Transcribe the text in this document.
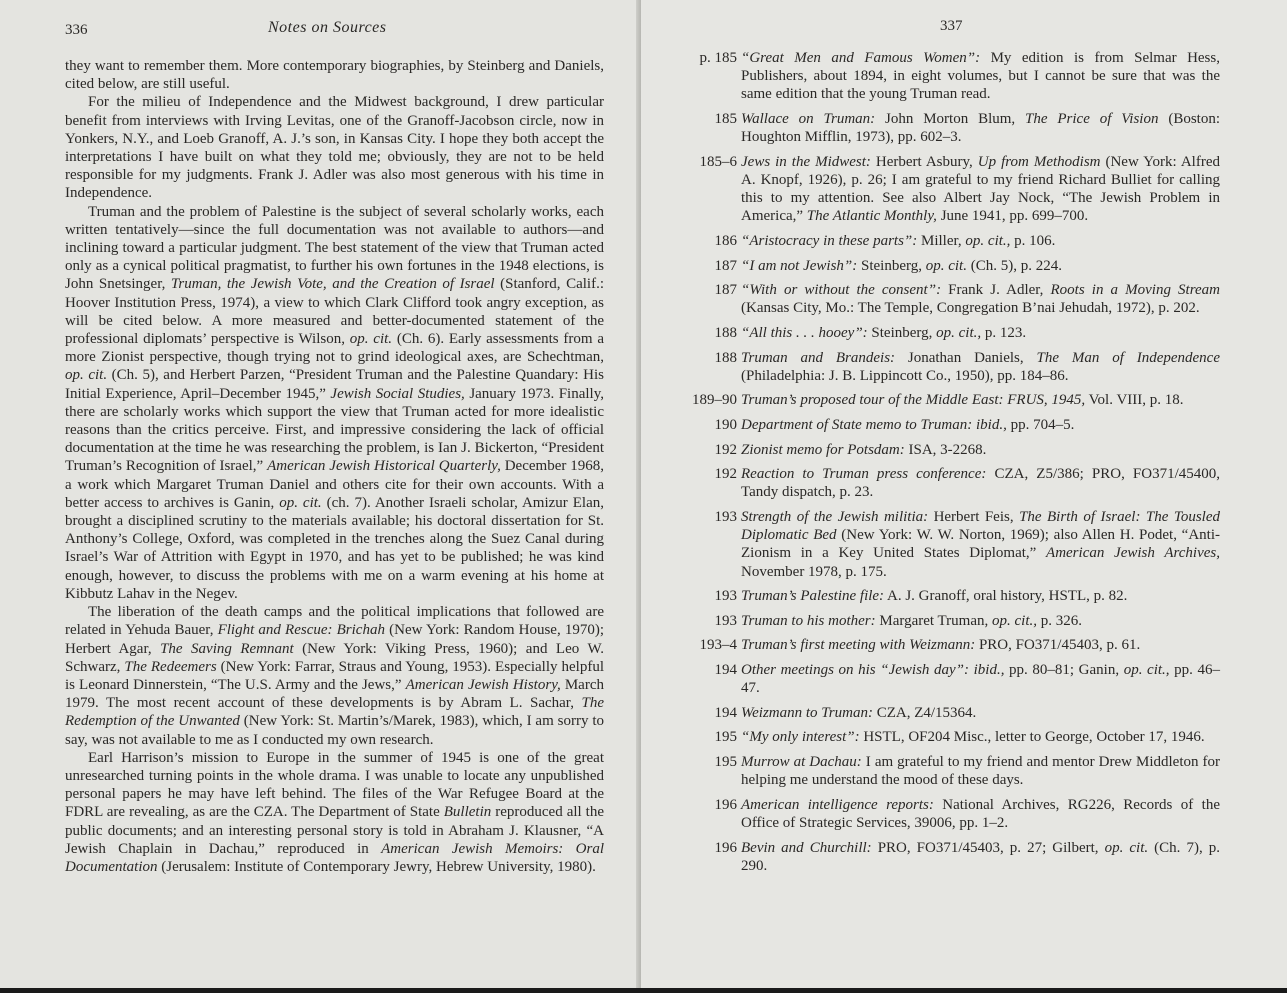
336	Notes on Sources

they want to remember them. More contemporary biographies, by Steinberg and Daniels, cited below, are still useful.

For the milieu of Independence and the Midwest background, I drew particular benefit from interviews with Irving Levitas, one of the Granoff-Jacobson circle, now in Yonkers, N.Y., and Loeb Granoff, A. J.’s son, in Kansas City. I hope they both accept the interpretations I have built on what they told me; obviously, they are not to be held responsible for my judgments. Frank J. Adler was also most generous with his time in Independence.

Truman and the problem of Palestine is the subject of several scholarly works, each written tentatively—since the full documentation was not available to authors—and inclining toward a particular judgment. The best statement of the view that Truman acted only as a cynical political pragmatist, to further his own fortunes in the 1948 elections, is John Snetsinger, Truman, the Jewish Vote, and the Creation of Israel (Stanford, Calif.: Hoover Institution Press, 1974), a view to which Clark Clifford took angry exception, as will be cited below. A more measured and better-documented statement of the professional diplomats’ perspective is Wilson, op. cit. (Ch. 6). Early assessments from a more Zionist perspective, though trying not to grind ideological axes, are Schechtman, op. cit. (Ch. 5), and Herbert Parzen, “President Truman and the Palestine Quandary: His Initial Experience, April–December 1945,” Jewish Social Studies, January 1973. Finally, there are scholarly works which support the view that Truman acted for more idealistic reasons than the critics perceive. First, and impressive considering the lack of official documentation at the time he was researching the problem, is Ian J. Bickerton, “President Truman’s Recognition of Israel,” American Jewish Historical Quarterly, December 1968, a work which Margaret Truman Daniel and others cite for their own accounts. With a better access to archives is Ganin, op. cit. (ch. 7). Another Israeli scholar, Amizur Elan, brought a disciplined scrutiny to the materials available; his doctoral dissertation for St. Anthony’s College, Oxford, was completed in the trenches along the Suez Canal during Israel’s War of Attrition with Egypt in 1970, and has yet to be published; he was kind enough, however, to discuss the problems with me on a warm evening at his home at Kibbutz Lahav in the Negev.

The liberation of the death camps and the political implications that followed are related in Yehuda Bauer, Flight and Rescue: Brichah (New York: Random House, 1970); Herbert Agar, The Saving Remnant (New York: Viking Press, 1960); and Leo W. Schwarz, The Redeemers (New York: Farrar, Straus and Young, 1953). Especially helpful is Leonard Dinnerstein, “The U.S. Army and the Jews,” American Jewish History, March 1979. The most recent account of these developments is by Abram L. Sachar, The Redemption of the Unwanted (New York: St. Martin’s/Marek, 1983), which, I am sorry to say, was not available to me as I conducted my own research.

Earl Harrison’s mission to Europe in the summer of 1945 is one of the great unresearched turning points in the whole drama. I was unable to locate any unpublished personal papers he may have left behind. The files of the War Refugee Board at the FDRL are revealing, as are the CZA. The Department of State Bulletin reproduced all the public documents; and an interesting personal story is told in Abraham J. Klausner, “A Jewish Chaplain in Dachau,” reproduced in American Jewish Memoirs: Oral Documentation (Jerusalem: Institute of Contemporary Jewry, Hebrew University, 1980).

337
p. 185 “Great Men and Famous Women”: My edition is from Selmar Hess, Publishers, about 1894, in eight volumes, but I cannot be sure that was the same edition that the young Truman read.
185 Wallace on Truman: John Morton Blum, The Price of Vision (Boston: Houghton Mifflin, 1973), pp. 602–3.
185–6 Jews in the Midwest: Herbert Asbury, Up from Methodism (New York: Alfred A. Knopf, 1926), p. 26; I am grateful to my friend Richard Bulliet for calling this to my attention. See also Albert Jay Nock, “The Jewish Problem in America,” The Atlantic Monthly, June 1941, pp. 699–700.
186 “Aristocracy in these parts”: Miller, op. cit., p. 106.
187 “I am not Jewish”: Steinberg, op. cit. (Ch. 5), p. 224.
187 “With or without the consent”: Frank J. Adler, Roots in a Moving Stream (Kansas City, Mo.: The Temple, Congregation B’nai Jehudah, 1972), p. 202.
188 “All this . . . hooey”: Steinberg, op. cit., p. 123.
188 Truman and Brandeis: Jonathan Daniels, The Man of Independence (Philadelphia: J. B. Lippincott Co., 1950), pp. 184–86.
189–90 Truman’s proposed tour of the Middle East: FRUS, 1945, Vol. VIII, p. 18.
190 Department of State memo to Truman: ibid., pp. 704–5.
192 Zionist memo for Potsdam: ISA, 3-2268.
192 Reaction to Truman press conference: CZA, Z5/386; PRO, FO371/45400, Tandy dispatch, p. 23.
193 Strength of the Jewish militia: Herbert Feis, The Birth of Israel: The Tousled Diplomatic Bed (New York: W. W. Norton, 1969); also Allen H. Podet, “Anti-Zionism in a Key United States Diplomat,” American Jewish Archives, November 1978, p. 175.
193 Truman’s Palestine file: A. J. Granoff, oral history, HSTL, p. 82.
193 Truman to his mother: Margaret Truman, op. cit., p. 326.
193–4 Truman’s first meeting with Weizmann: PRO, FO371/45403, p. 61.
194 Other meetings on his “Jewish day”: ibid., pp. 80–81; Ganin, op. cit., pp. 46–47.
194 Weizmann to Truman: CZA, Z4/15364.
195 “My only interest”: HSTL, OF204 Misc., letter to George, October 17, 1946.
195 Murrow at Dachau: I am grateful to my friend and mentor Drew Middleton for helping me understand the mood of these days.
196 American intelligence reports: National Archives, RG226, Records of the Office of Strategic Services, 39006, pp. 1–2.
196 Bevin and Churchill: PRO, FO371/45403, p. 27; Gilbert, op. cit. (Ch. 7), p. 290.
